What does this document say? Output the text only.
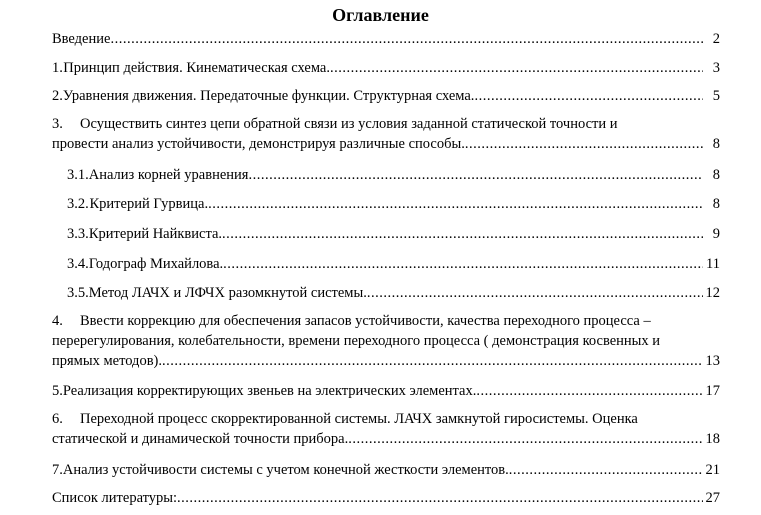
Оглавление
Введение .....	2
1. Принцип действия. Кинематическая схема. .....	3
2. Уравнения движения. Передаточные функции. Структурная схема. .....	5
3.	Осуществить синтез цепи обратной связи из условия заданной статической точности и
провести анализ устойчивости, демонстрируя различные способы. .....	8
3.1. Анализ корней уравнения .....	8
3.2. Критерий Гурвица. .....	8
3.3. Критерий Найквиста. .....	9
3.4. Годограф Михайлова. .....	11
3.5. Метод ЛАЧХ и ЛФЧХ разомкнутой системы. .....	12
4.	Ввести коррекцию для обеспечения запасов устойчивости, качества переходного процесса –
перерегулирования, колебательности, времени переходного процесса ( демонстрация косвенных и
прямых методов). .....	13
5. Реализация корректирующих звеньев на электрических элементах. .....	17
6.	Переходной процесс скорректированной системы. ЛАЧХ замкнутой гиросистемы. Оценка
статической и динамической точности прибора. .....	18
7. Анализ устойчивости системы с учетом конечной жесткости элементов. .....	21
Список литературы: .....	27
